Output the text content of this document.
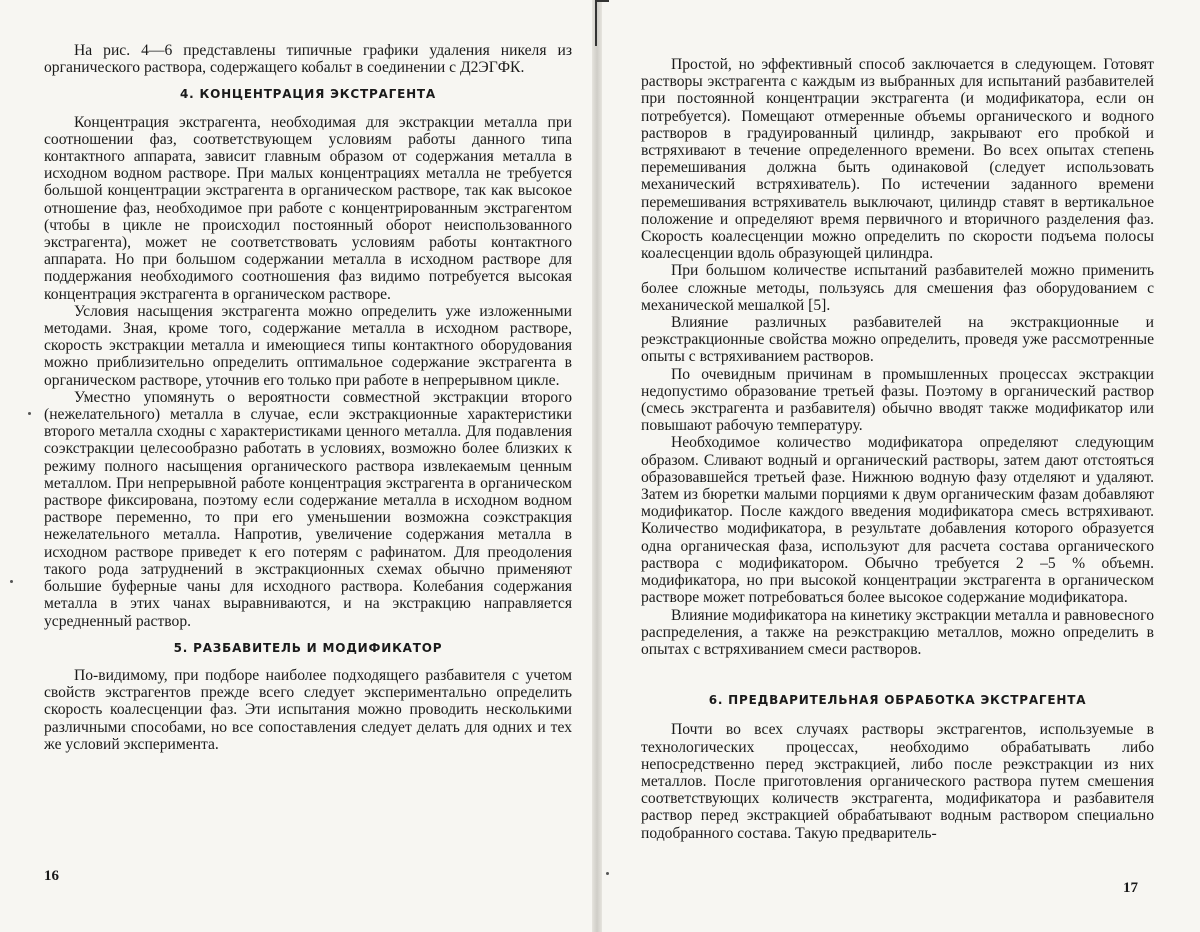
На рис. 4—6 представлены типичные графики удаления никеля из органического раствора, содержащего кобальт в соединении с Д2ЭГФК.

4. КОНЦЕНТРАЦИЯ ЭКСТРАГЕНТА

Концентрация экстрагента, необходимая для экстракции металла при соотношении фаз, соответствующем условиям работы данного типа контактного аппарата, зависит главным образом от содержания металла в исходном водном растворе. При малых концентрациях металла не требуется большой концентрации экстрагента в органическом растворе, так как высокое отношение фаз, необходимое при работе с концентрированным экстрагентом (чтобы в цикле не происходил постоянный оборот неиспользованного экстрагента), может не соответствовать условиям работы контактного аппарата. Но при большом содержании металла в исходном растворе для поддержания необходимого соотношения фаз видимо потребуется высокая концентрация экстрагента в органическом растворе.

Условия насыщения экстрагента можно определить уже изложенными методами. Зная, кроме того, содержание металла в исходном растворе, скорость экстракции металла и имеющиеся типы контактного оборудования можно приблизительно определить оптимальное содержание экстрагента в органическом растворе, уточнив его только при работе в непрерывном цикле.

Уместно упомянуть о вероятности совместной экстракции второго (нежелательного) металла в случае, если экстракционные характеристики второго металла сходны с характеристиками ценного металла. Для подавления соэкстракции целесообразно работать в условиях, возможно более близких к режиму полного насыщения органического раствора извлекаемым ценным металлом. При непрерывной работе концентрация экстрагента в органическом растворе фиксирована, поэтому если содержание металла в исходном водном растворе переменно, то при его уменьшении возможна соэкстракция нежелательного металла. Напротив, увеличение содержания металла в исходном растворе приведет к его потерям с рафинатом. Для преодоления такого рода затруднений в экстракционных схемах обычно применяют большие буферные чаны для исходного раствора. Колебания содержания металла в этих чанах выравниваются, и на экстракцию направляется усредненный раствор.

5. РАЗБАВИТЕЛЬ И МОДИФИКАТОР

По-видимому, при подборе наиболее подходящего разбавителя с учетом свойств экстрагентов прежде всего следует экспериментально определить скорость коалесценции фаз. Эти испытания можно проводить несколькими различными способами, но все сопоставления следует делать для одних и тех же условий эксперимента.

16

Простой, но эффективный способ заключается в следующем. Готовят растворы экстрагента с каждым из выбранных для испытаний разбавителей при постоянной концентрации экстрагента (и модификатора, если он потребуется). Помещают отмеренные объемы органического и водного растворов в градуированный цилиндр, закрывают его пробкой и встряхивают в течение определенного времени. Во всех опытах степень перемешивания должна быть одинаковой (следует использовать механический встряхиватель). По истечении заданного времени перемешивания встряхиватель выключают, цилиндр ставят в вертикальное положение и определяют время первичного и вторичного разделения фаз. Скорость коалесценции можно определить по скорости подъема полосы коалесценции вдоль образующей цилиндра.

При большом количестве испытаний разбавителей можно применить более сложные методы, пользуясь для смешения фаз оборудованием с механической мешалкой [5].

Влияние различных разбавителей на экстракционные и реэкстракционные свойства можно определить, проведя уже рассмотренные опыты с встряхиванием растворов.

По очевидным причинам в промышленных процессах экстракции недопустимо образование третьей фазы. Поэтому в органический раствор (смесь экстрагента и разбавителя) обычно вводят также модификатор или повышают рабочую температуру.

Необходимое количество модификатора определяют следующим образом. Сливают водный и органический растворы, затем дают отстояться образовавшейся третьей фазе. Нижнюю водную фазу отделяют и удаляют. Затем из бюретки малыми порциями к двум органическим фазам добавляют модификатор. После каждого введения модификатора смесь встряхивают. Количество модификатора, в результате добавления которого образуется одна органическая фаза, используют для расчета состава органического раствора с модификатором. Обычно требуется 2 –5 % объемн. модификатора, но при высокой концентрации экстрагента в органическом растворе может потребоваться более высокое содержание модификатора.

Влияние модификатора на кинетику экстракции металла и равновесного распределения, а также на реэкстракцию металлов, можно определить в опытах с встряхиванием смеси растворов.

6. ПРЕДВАРИТЕЛЬНАЯ ОБРАБОТКА ЭКСТРАГЕНТА

Почти во всех случаях растворы экстрагентов, используемые в технологических процессах, необходимо обрабатывать либо непосредственно перед экстракцией, либо после реэкстракции из них металлов. После приготовления органического раствора путем смешения соответствующих количеств экстрагента, модификатора и разбавителя раствор перед экстракцией обрабатывают водным раствором специально подобранного состава. Такую предваритель-

17
